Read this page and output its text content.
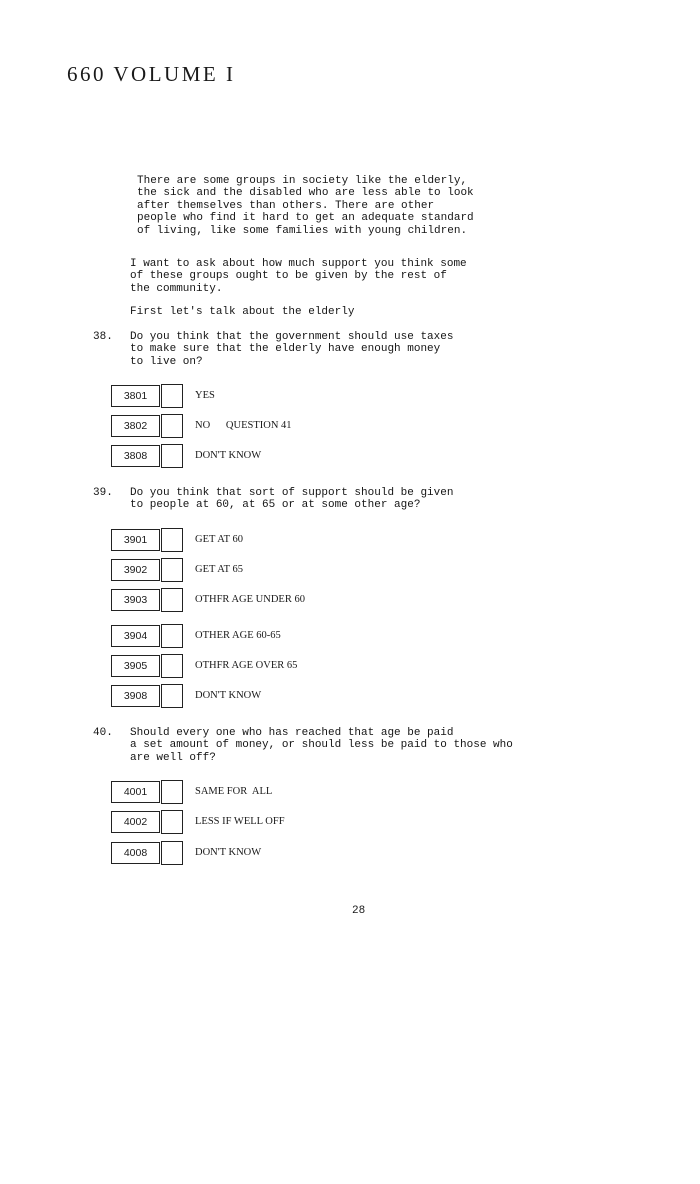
660 VOLUME I
There are some groups in society like the elderly,
the sick and the disabled who are less able to look
after themselves than others. There are other
people who find it hard to get an adequate standard
of living, like some families with young children.
I want to ask about how much support you think some
of these groups ought to be given by the rest of
the community.
First let's talk about the elderly
38. Do you think that the government should use taxes
to make sure that the elderly have enough money
to live on?
3801	YES
3802	NO      QUESTION 41
3808	DON'T KNOW
39. Do you think that sort of support should be given
to people at 60, at 65 or at some other age?
3901	GET AT 60
3902	GET AT 65
3903	OTHFR AGE UNDER 60
3904	OTHER AGE 60-65
3905	OTHFR AGE OVER 65
3908	DON'T KNOW
40. Should every one who has reached that age be paid
a set amount of money, or should less be paid to those who
are well off?
4001	SAME FOR  ALL
4002	LESS IF WELL OFF
4008	DON'T KNOW
28
